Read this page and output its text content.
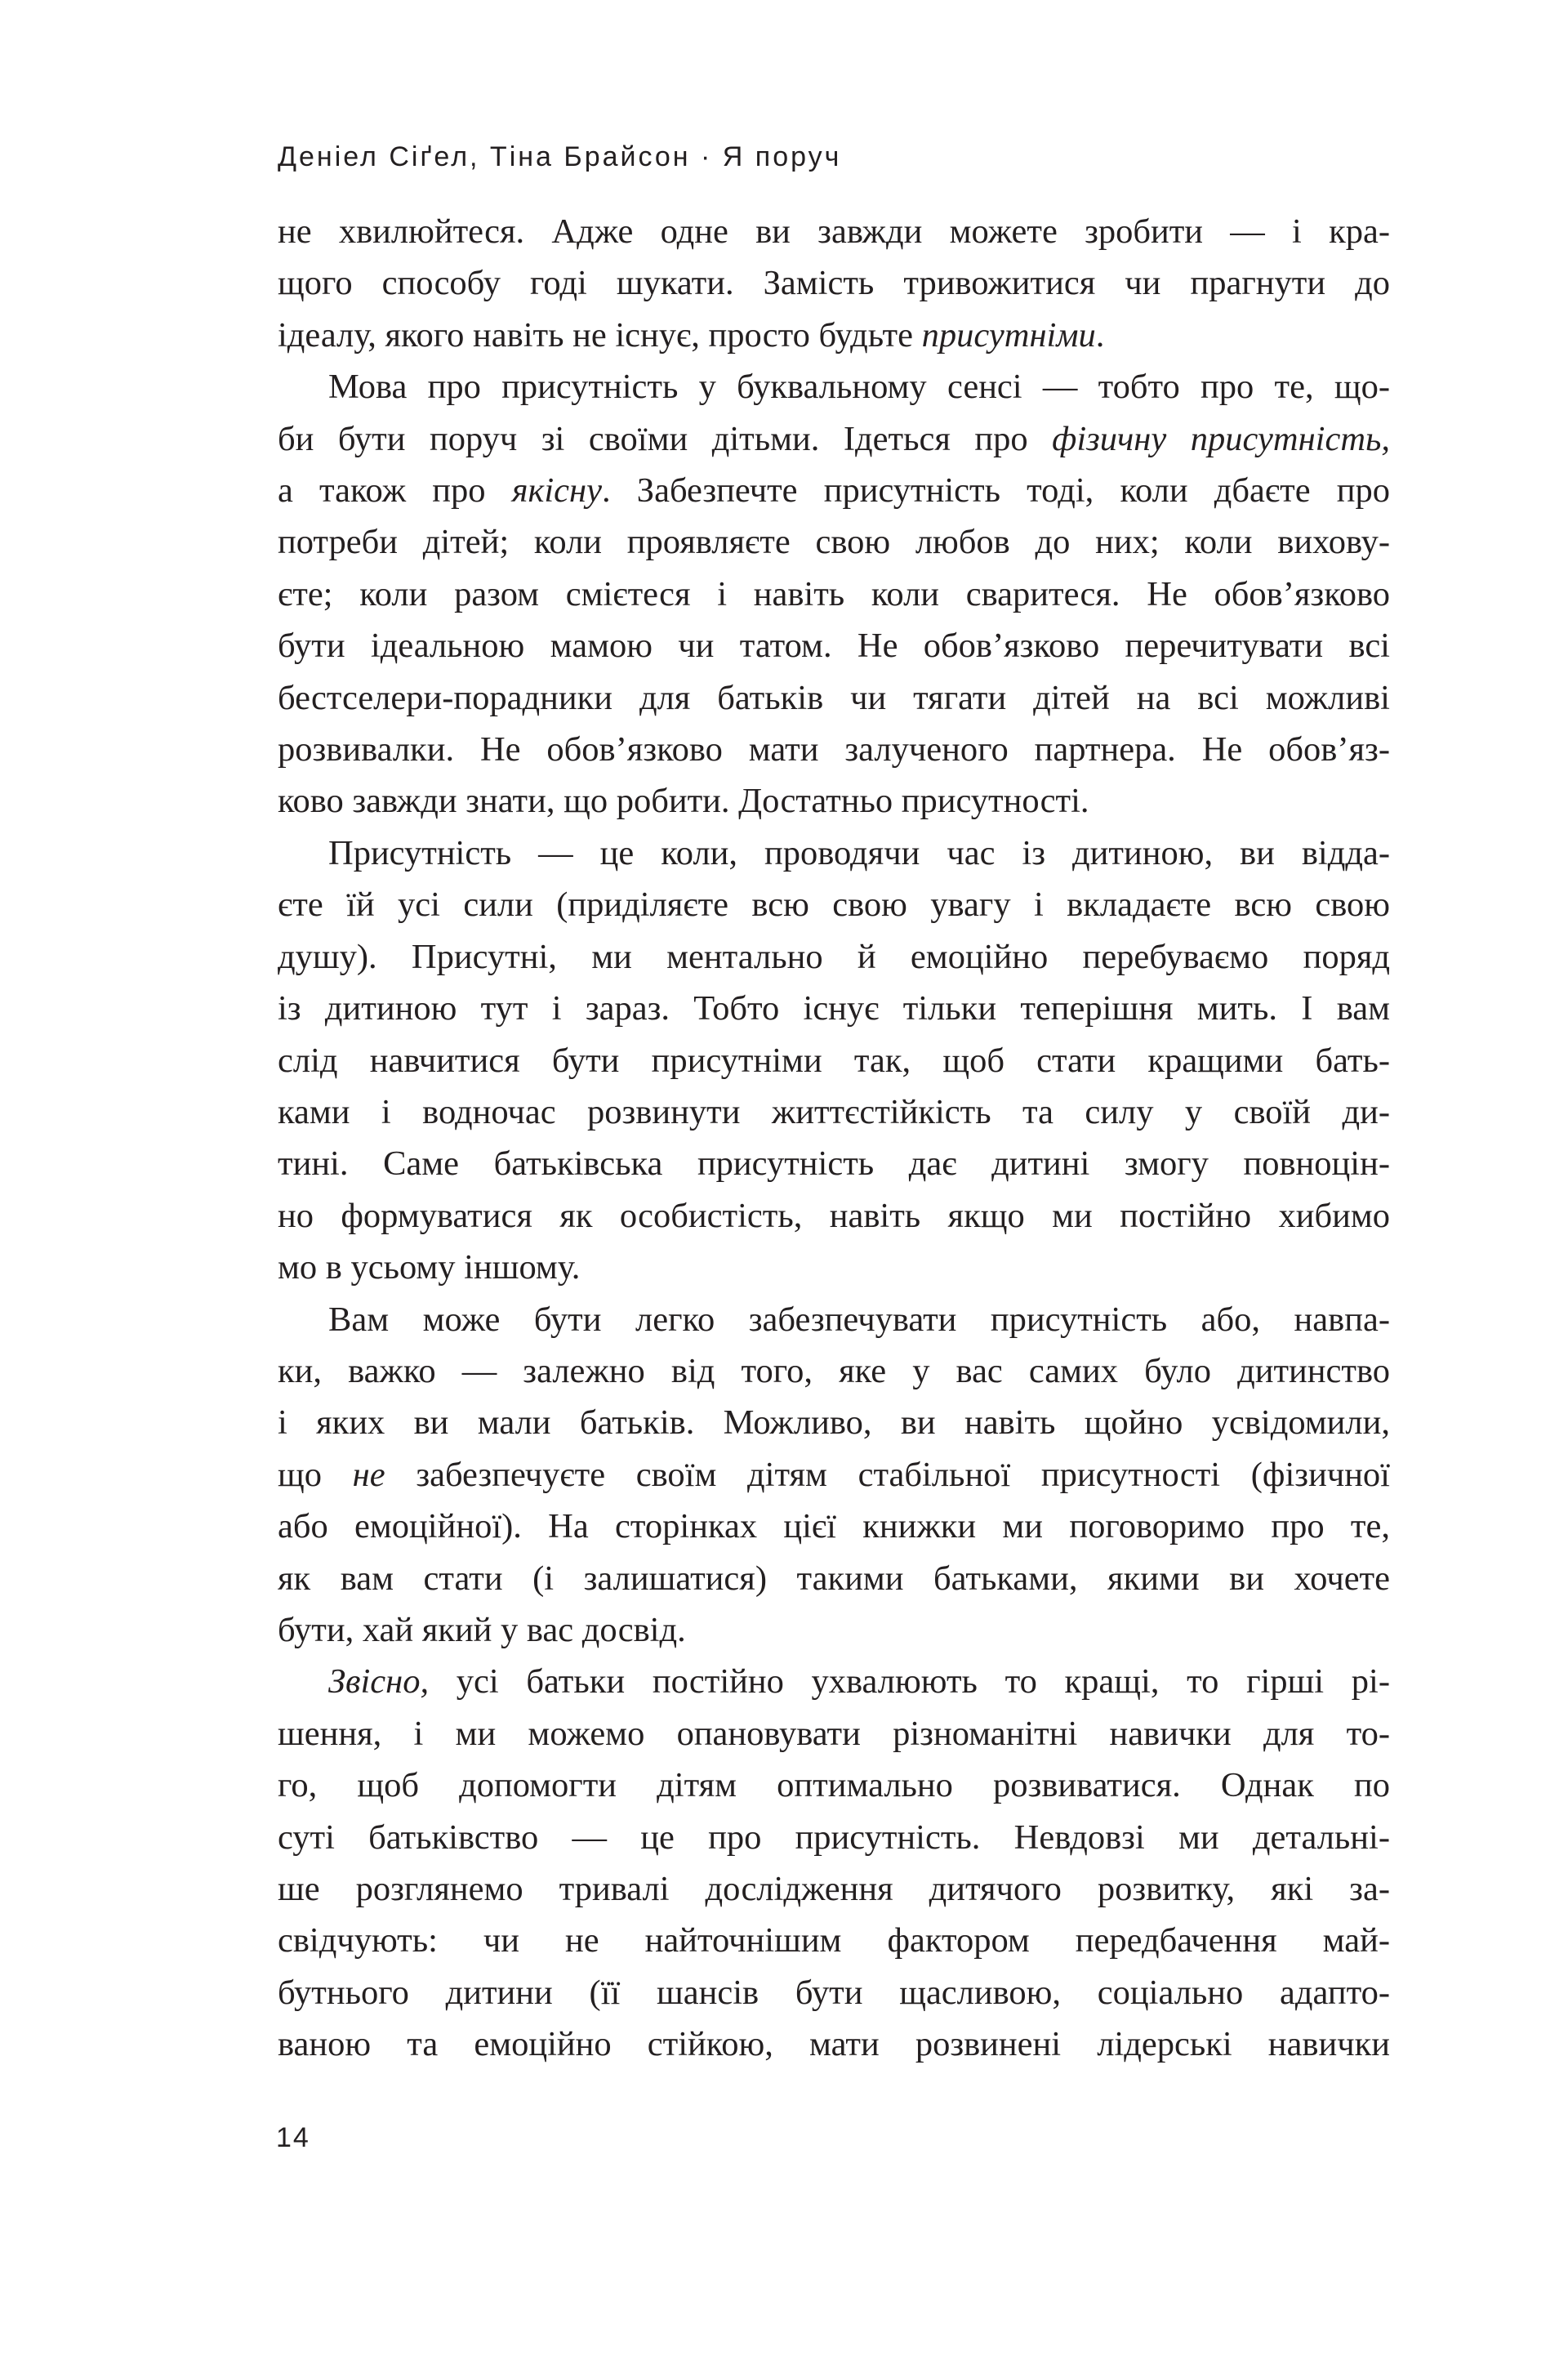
Деніел Сіґел, Тіна Брайсон · Я поруч
не хвилюйтеся. Адже одне ви завжди можете зробити — і кра-
щого способу годі шукати. Замість тривожитися чи прагнути до
ідеалу, якого навіть не існує, просто будьте присутніми.
Мова про присутність у буквальному сенсі — тобто про те, що-
би бути поруч зі своїми дітьми. Ідеться про фізичну присутність,
а також про якісну. Забезпечте присутність тоді, коли дбаєте про
потреби дітей; коли проявляєте свою любов до них; коли вихову-
єте; коли разом смієтеся і навіть коли сваритеся. Не обов’язково
бути ідеальною мамою чи татом. Не обов’язково перечитувати всі
бестселери-порадники для батьків чи тягати дітей на всі можливі
розвивалки. Не обов’язково мати залученого партнера. Не обов’яз-
ково завжди знати, що робити. Достатньо присутності.
Присутність — це коли, проводячи час із дитиною, ви відда-
єте їй усі сили (приділяєте всю свою увагу і вкладаєте всю свою
душу). Присутні, ми ментально й емоційно перебуваємо поряд
із дитиною тут і зараз. Тобто існує тільки теперішня мить. І вам
слід навчитися бути присутніми так, щоб стати кращими бать-
ками і водночас розвинути життєстійкість та силу у своїй ди-
тині. Саме батьківська присутність дає дитині змогу повноцін-
но формуватися як особистість, навіть якщо ми постійно хибимо
мо в усьому іншому.
Вам може бути легко забезпечувати присутність або, навпа-
ки, важко — залежно від того, яке у вас самих було дитинство
і яких ви мали батьків. Можливо, ви навіть щойно усвідомили,
що не забезпечуєте своїм дітям стабільної присутності (фізичної
або емоційної). На сторінках цієї книжки ми поговоримо про те,
як вам стати (і залишатися) такими батьками, якими ви хочете
бути, хай який у вас досвід.
Звісно, усі батьки постійно ухвалюють то кращі, то гірші рі-
шення, і ми можемо опановувати різноманітні навички для то-
го, щоб допомогти дітям оптимально розвиватися. Однак по
суті батьківство — це про присутність. Невдовзі ми детальні-
ше розглянемо тривалі дослідження дитячого розвитку, які за-
свідчують: чи не найточнішим фактором передбачення май-
бутнього дитини (її шансів бути щасливою, соціально адапто-
ваною та емоційно стійкою, мати розвинені лідерські навички
14
